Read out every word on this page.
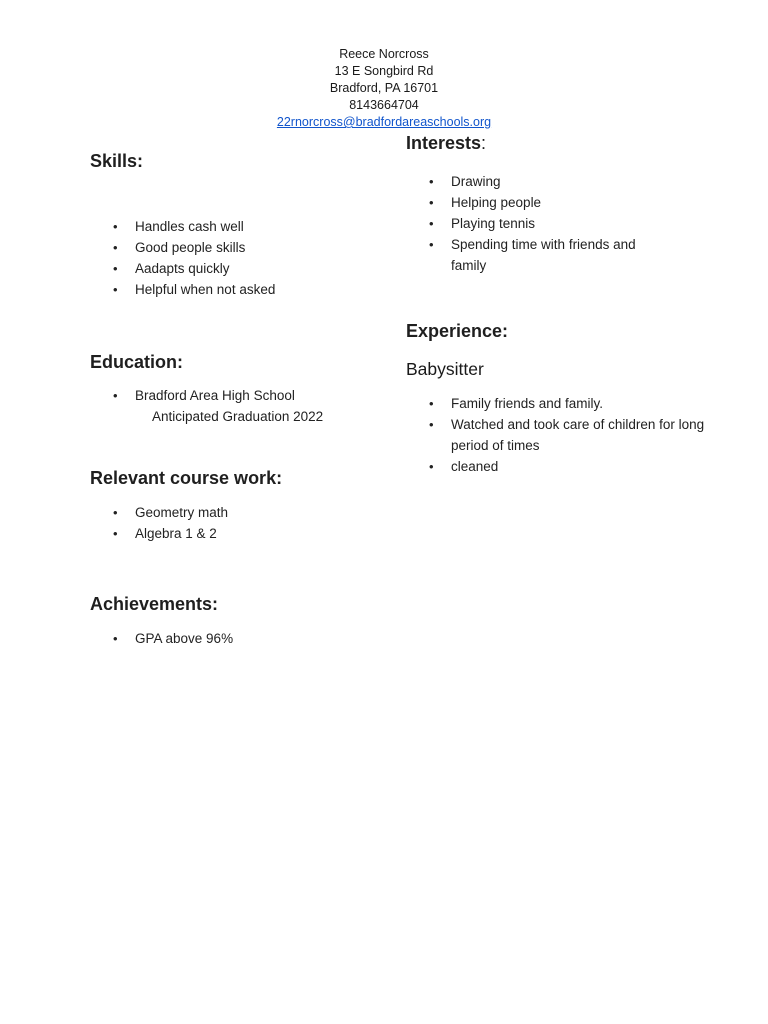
Reece Norcross
13 E Songbird Rd
Bradford, PA 16701
8143664704
22rnorcross@bradfordareaschools.org
Skills:
• Handles cash well
• Good people skills
• Aadapts quickly
• Helpful when not asked
Education:
• Bradford Area High School
Anticipated Graduation 2022
Relevant course work:
• Geometry math
• Algebra 1 & 2
Achievements:
• GPA above 96%
Interests:
• Drawing
• Helping people
• Playing tennis
• Spending time with friends and family
Experience:
Babysitter
• Family friends and family.
• Watched and took care of children for long period of times
• cleaned
